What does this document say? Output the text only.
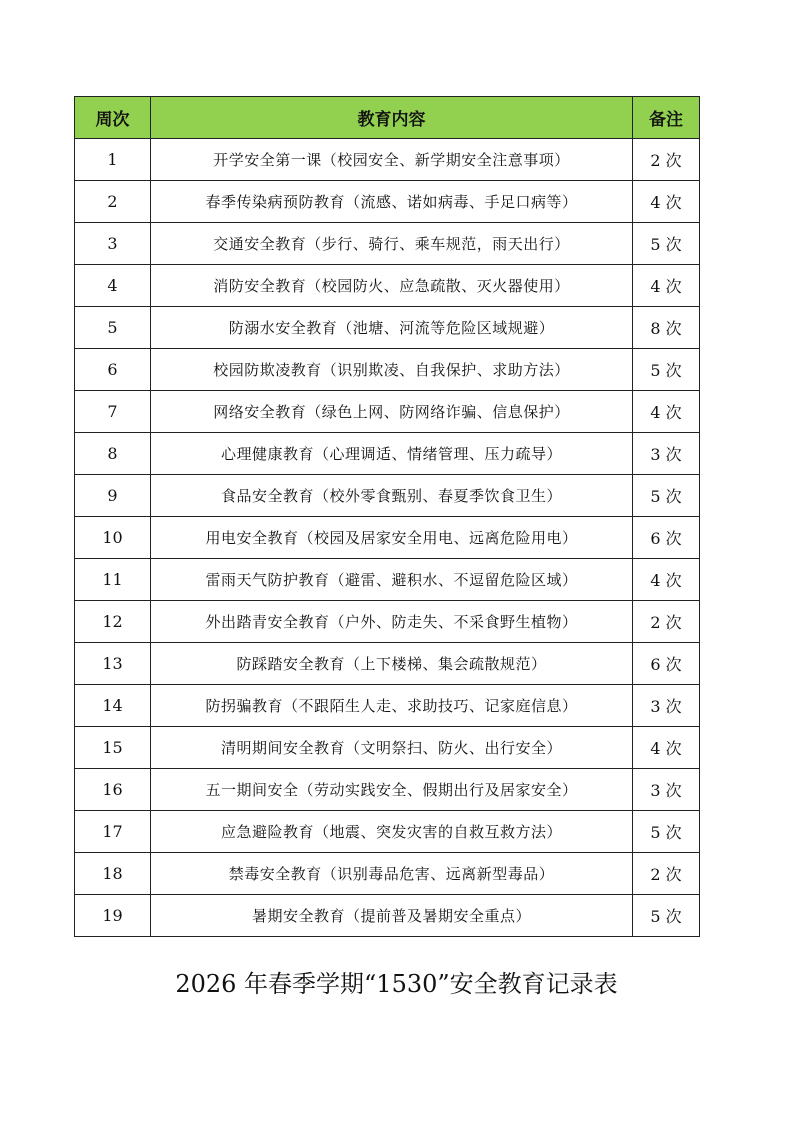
周次	教育内容	备注
1	开学安全第一课（校园安全、新学期安全注意事项）	2 次
2	春季传染病预防教育（流感、诺如病毒、手足口病等）	4 次
3	交通安全教育（步行、骑行、乘车规范，雨天出行）	5 次
4	消防安全教育（校园防火、应急疏散、灭火器使用）	4 次
5	防溺水安全教育（池塘、河流等危险区域规避）	8 次
6	校园防欺凌教育（识别欺凌、自我保护、求助方法）	5 次
7	网络安全教育（绿色上网、防网络诈骗、信息保护）	4 次
8	心理健康教育（心理调适、情绪管理、压力疏导）	3 次
9	食品安全教育（校外零食甄别、春夏季饮食卫生）	5 次
10	用电安全教育（校园及居家安全用电、远离危险用电）	6 次
11	雷雨天气防护教育（避雷、避积水、不逗留危险区域）	4 次
12	外出踏青安全教育（户外、防走失、不采食野生植物）	2 次
13	防踩踏安全教育（上下楼梯、集会疏散规范）	6 次
14	防拐骗教育（不跟陌生人走、求助技巧、记家庭信息）	3 次
15	清明期间安全教育（文明祭扫、防火、出行安全）	4 次
16	五一期间安全（劳动实践安全、假期出行及居家安全）	3 次
17	应急避险教育（地震、突发灾害的自救互救方法）	5 次
18	禁毒安全教育（识别毒品危害、远离新型毒品）	2 次
19	暑期安全教育（提前普及暑期安全重点）	5 次
2026 年春季学期“1530”安全教育记录表
